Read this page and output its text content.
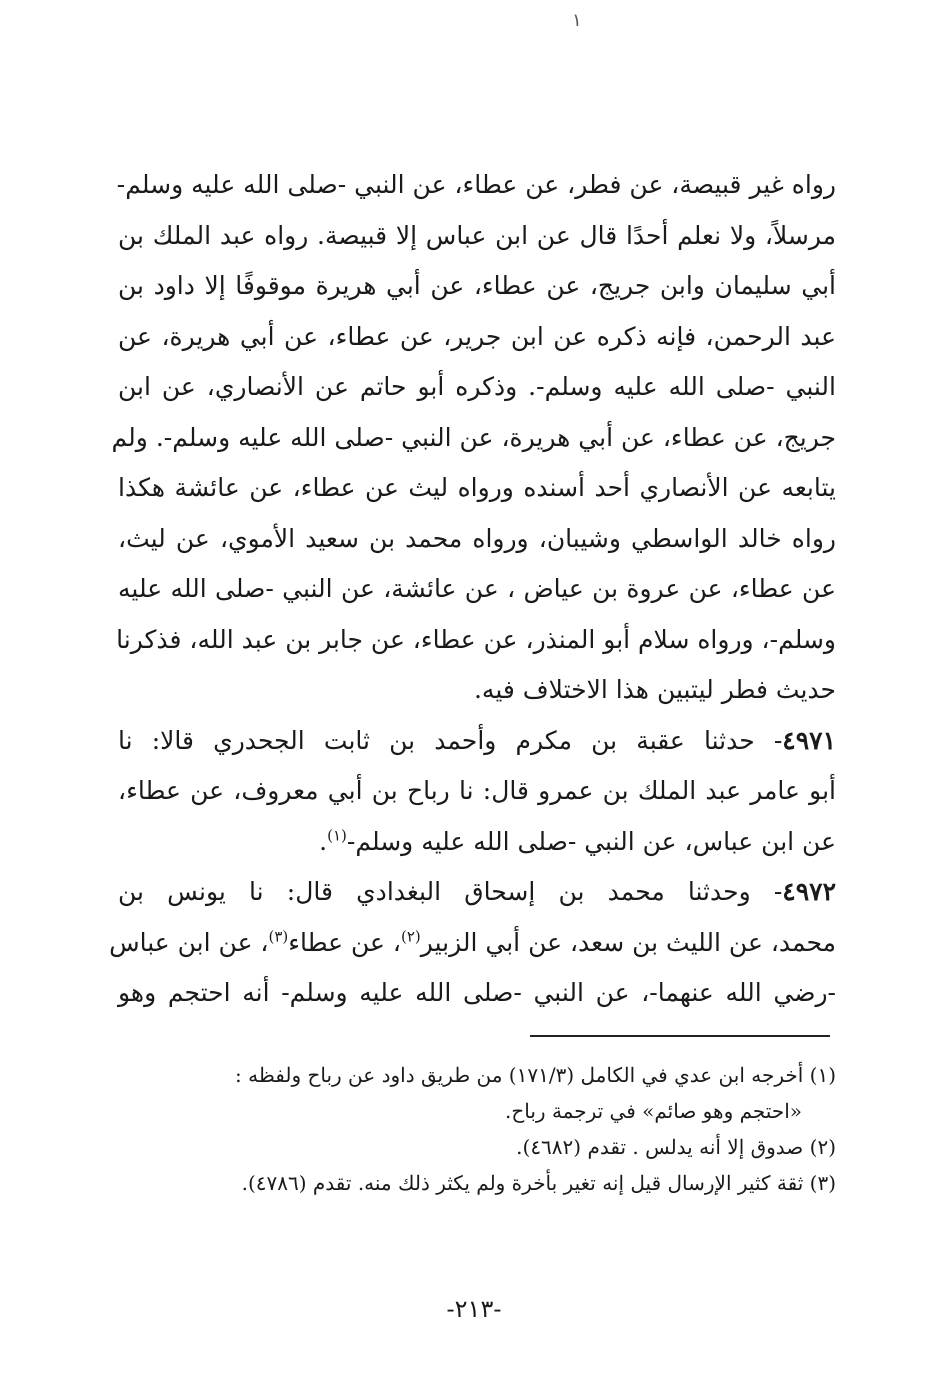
١
رواه غير قبيصة، عن فطر، عن عطاء، عن النبي -صلى الله عليه وسلم-
مرسلاً، ولا نعلم أحدًا قال عن ابن عباس إلا قبيصة. رواه عبد الملك بن
أبي سليمان وابن جريج، عن عطاء، عن أبي هريرة موقوفًا إلا داود بن
عبد الرحمن، فإنه ذكره عن ابن جرير، عن عطاء، عن أبي هريرة، عن
النبي -صلى الله عليه وسلم-. وذكره أبو حاتم عن الأنصاري، عن ابن
جريج، عن عطاء، عن أبي هريرة، عن النبي -صلى الله عليه وسلم-. ولم
يتابعه عن الأنصاري أحد أسنده ورواه ليث عن عطاء، عن عائشة هكذا
رواه خالد الواسطي وشيبان، ورواه محمد بن سعيد الأموي، عن ليث،
عن عطاء، عن عروة بن عياض ، عن عائشة، عن النبي -صلى الله عليه
وسلم-، ورواه سلام أبو المنذر، عن عطاء، عن جابر بن عبد الله، فذكرنا
حديث فطر ليتبين هذا الاختلاف فيه.
٤٩٧١- حدثنا عقبة بن مكرم وأحمد بن ثابت الجحدري قالا: نا
أبو عامر عبد الملك بن عمرو قال: نا رباح بن أبي معروف، عن عطاء،
عن ابن عباس، عن النبي -صلى الله عليه وسلم-$^{(١)}$.
٤٩٧٢- وحدثنا محمد بن إسحاق البغدادي قال: نا يونس بن
محمد، عن الليث بن سعد، عن أبي الزبير$^{(٢)}$، عن عطاء$^{(٣)}$، عن ابن عباس
-رضي الله عنهما-، عن النبي -صلى الله عليه وسلم- أنه احتجم وهو
(١) أخرجه ابن عدي في الكامل (١٧١/٣) من طريق داود عن رباح ولفظه :
«احتجم وهو صائم» في ترجمة رباح.
(٢) صدوق إلا أنه يدلس . تقدم (٤٦٨٢).
(٣) ثقة كثير الإرسال قيل إنه تغير بأخرة ولم يكثر ذلك منه. تقدم (٤٧٨٦).
-٢١٣-
